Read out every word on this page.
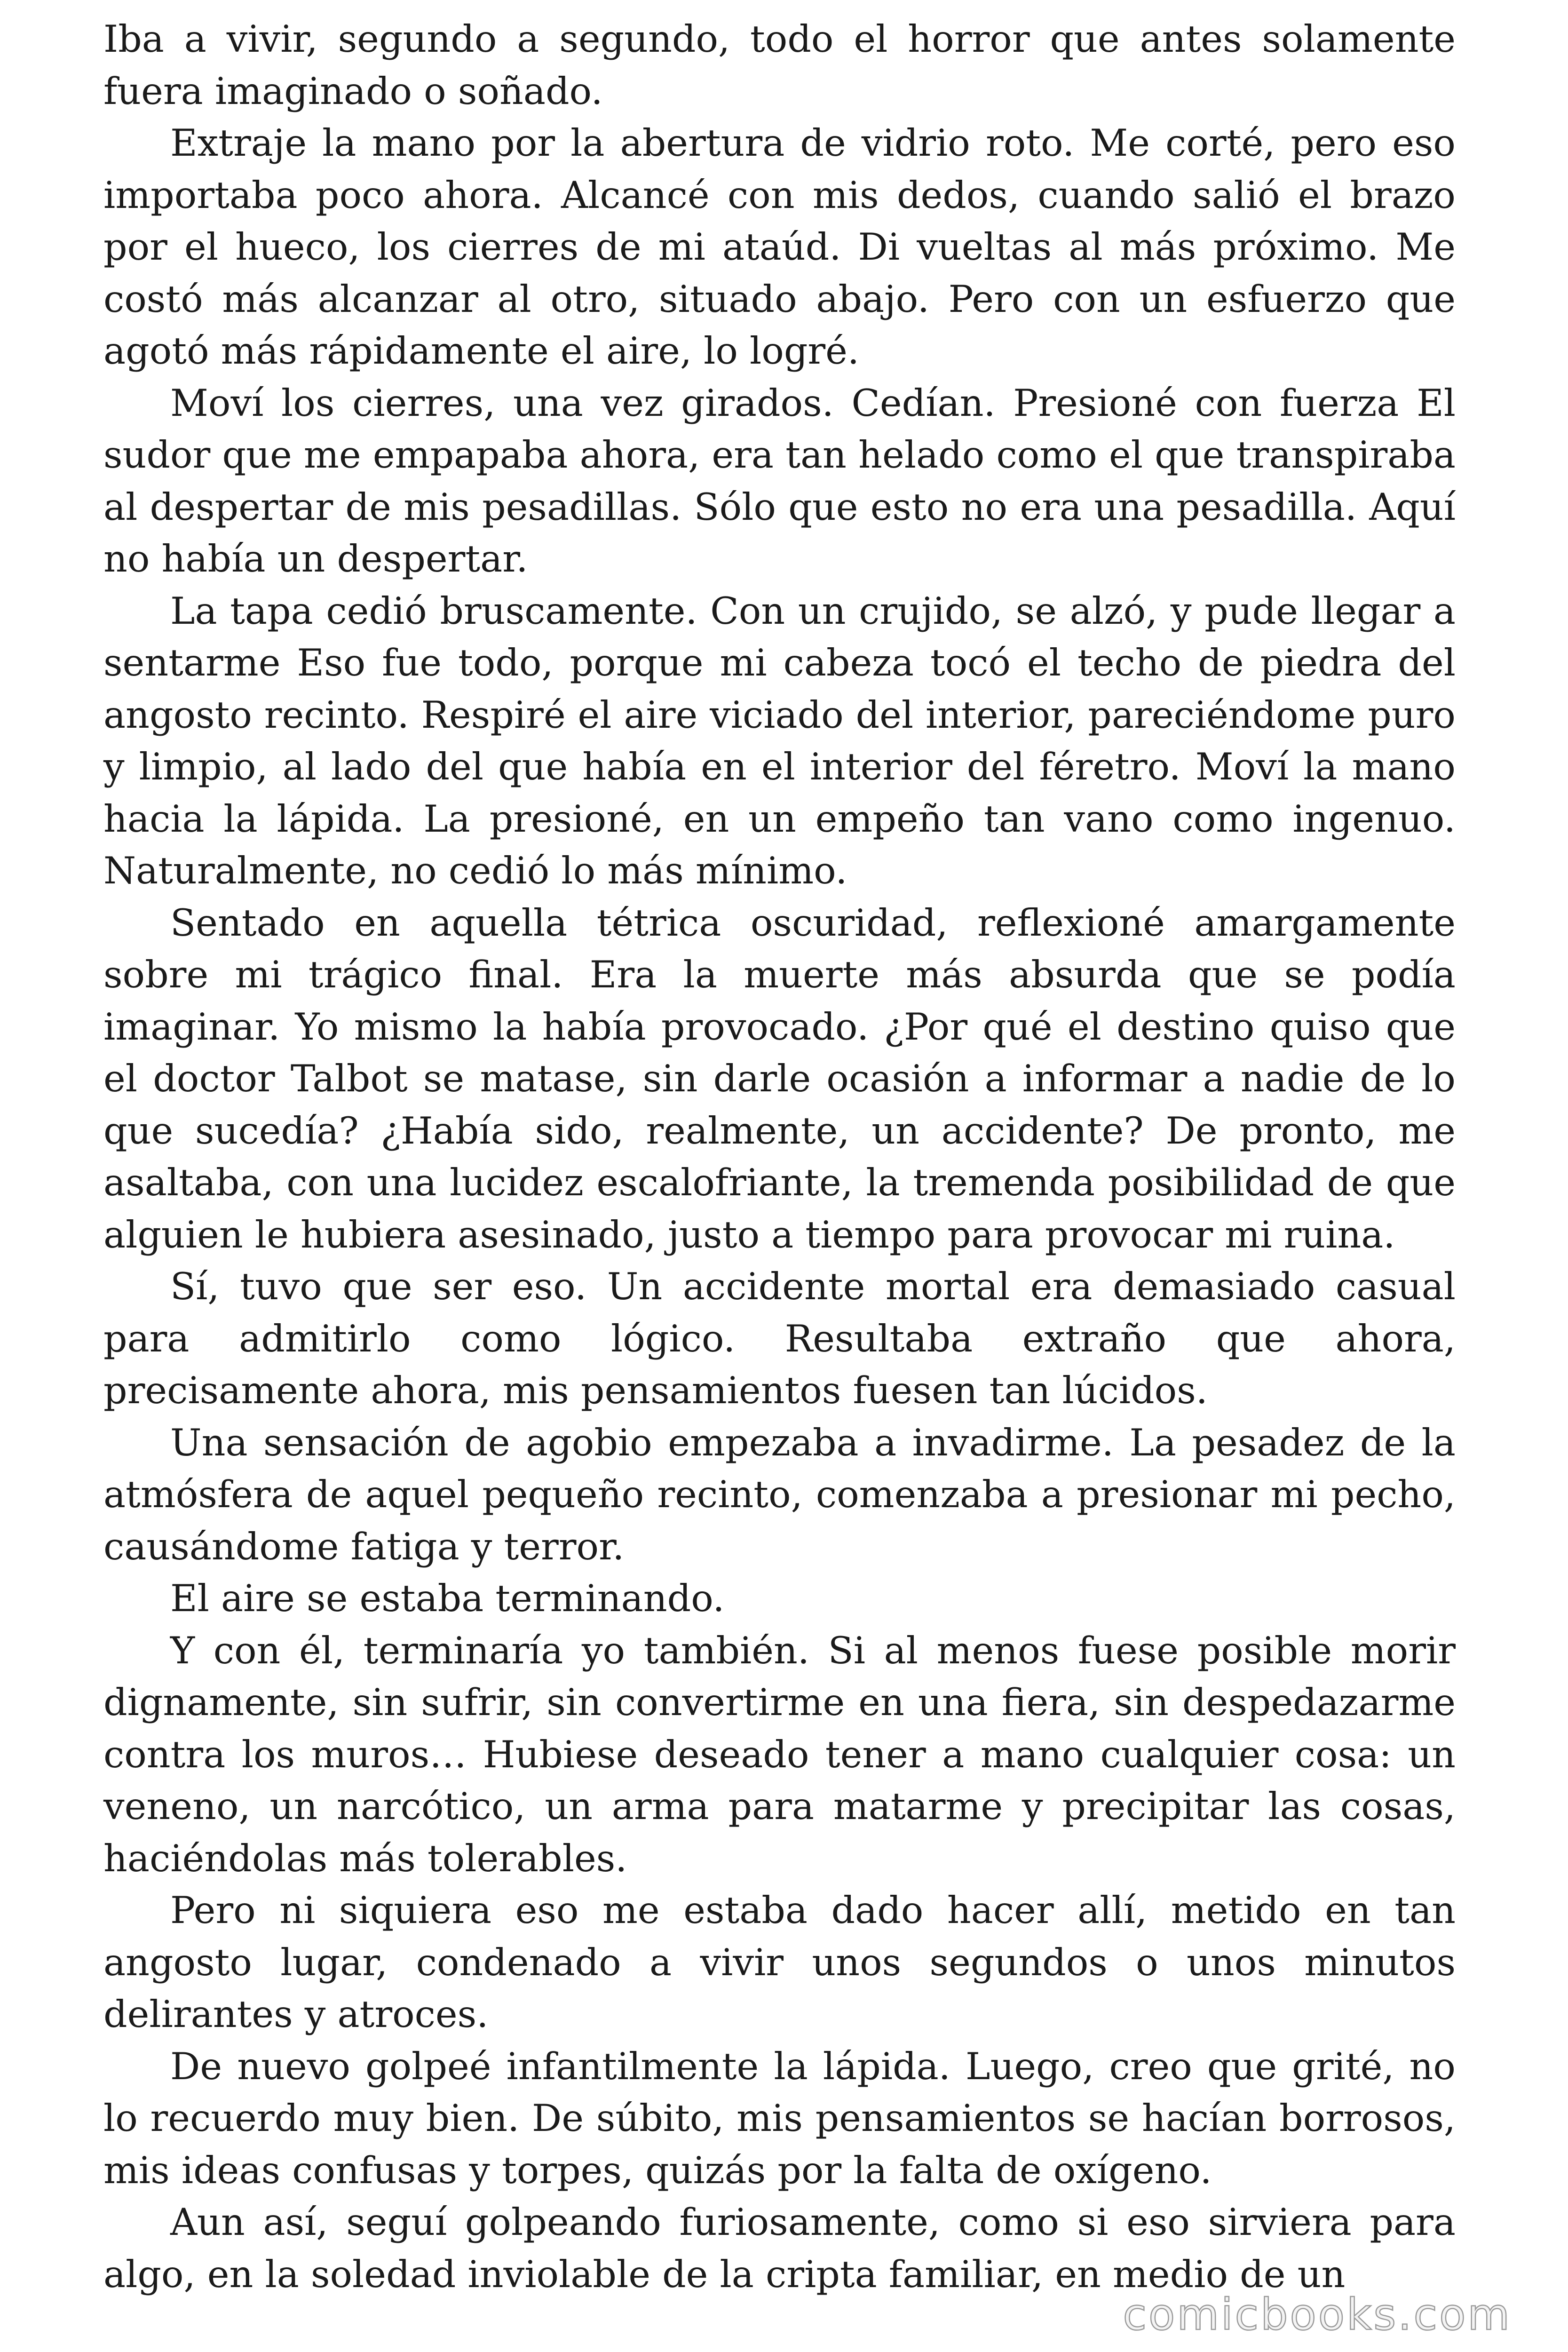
Iba a vivir, segundo a segundo, todo el horror que antes solamente fuera imaginado o soñado.

Extraje la mano por la abertura de vidrio roto. Me corté, pero eso importaba poco ahora. Alcancé con mis dedos, cuando salió el brazo por el hueco, los cierres de mi ataúd. Di vueltas al más próximo. Me costó más alcanzar al otro, situado abajo. Pero con un esfuerzo que agotó más rápidamente el aire, lo logré.

Moví los cierres, una vez girados. Cedían. Presioné con fuerza El sudor que me empapaba ahora, era tan helado como el que transpiraba al despertar de mis pesadillas. Sólo que esto no era una pesadilla. Aquí no había un despertar.

La tapa cedió bruscamente. Con un crujido, se alzó, y pude llegar a sentarme Eso fue todo, porque mi cabeza tocó el techo de piedra del angosto recinto. Respiré el aire viciado del interior, pareciéndome puro y limpio, al lado del que había en el interior del féretro. Moví la mano hacia la lápida. La presioné, en un empeño tan vano como ingenuo. Naturalmente, no cedió lo más mínimo.

Sentado en aquella tétrica oscuridad, reflexioné amargamente sobre mi trágico final. Era la muerte más absurda que se podía imaginar. Yo mismo la había provocado. ¿Por qué el destino quiso que el doctor Talbot se matase, sin darle ocasión a informar a nadie de lo que sucedía? ¿Había sido, realmente, un accidente? De pronto, me asaltaba, con una lucidez escalofriante, la tremenda posibilidad de que alguien le hubiera asesinado, justo a tiempo para provocar mi ruina.

Sí, tuvo que ser eso. Un accidente mortal era demasiado casual para admitirlo como lógico. Resultaba extraño que ahora, precisamente ahora, mis pensamientos fuesen tan lúcidos.

Una sensación de agobio empezaba a invadirme. La pesadez de la atmósfera de aquel pequeño recinto, comenzaba a presionar mi pecho, causándome fatiga y terror.

El aire se estaba terminando.

Y con él, terminaría yo también. Si al menos fuese posible morir dignamente, sin sufrir, sin convertirme en una fiera, sin despedazarme contra los muros… Hubiese deseado tener a mano cualquier cosa: un veneno, un narcótico, un arma para matarme y precipitar las cosas, haciéndolas más tolerables.

Pero ni siquiera eso me estaba dado hacer allí, metido en tan angosto lugar, condenado a vivir unos segundos o unos minutos delirantes y atroces.

De nuevo golpeé infantilmente la lápida. Luego, creo que grité, no lo recuerdo muy bien. De súbito, mis pensamientos se hacían borrosos, mis ideas confusas y torpes, quizás por la falta de oxígeno.

Aun así, seguí golpeando furiosamente, como si eso sirviera para algo, en la soledad inviolable de la cripta familiar, en medio de un

comicbooks.com
